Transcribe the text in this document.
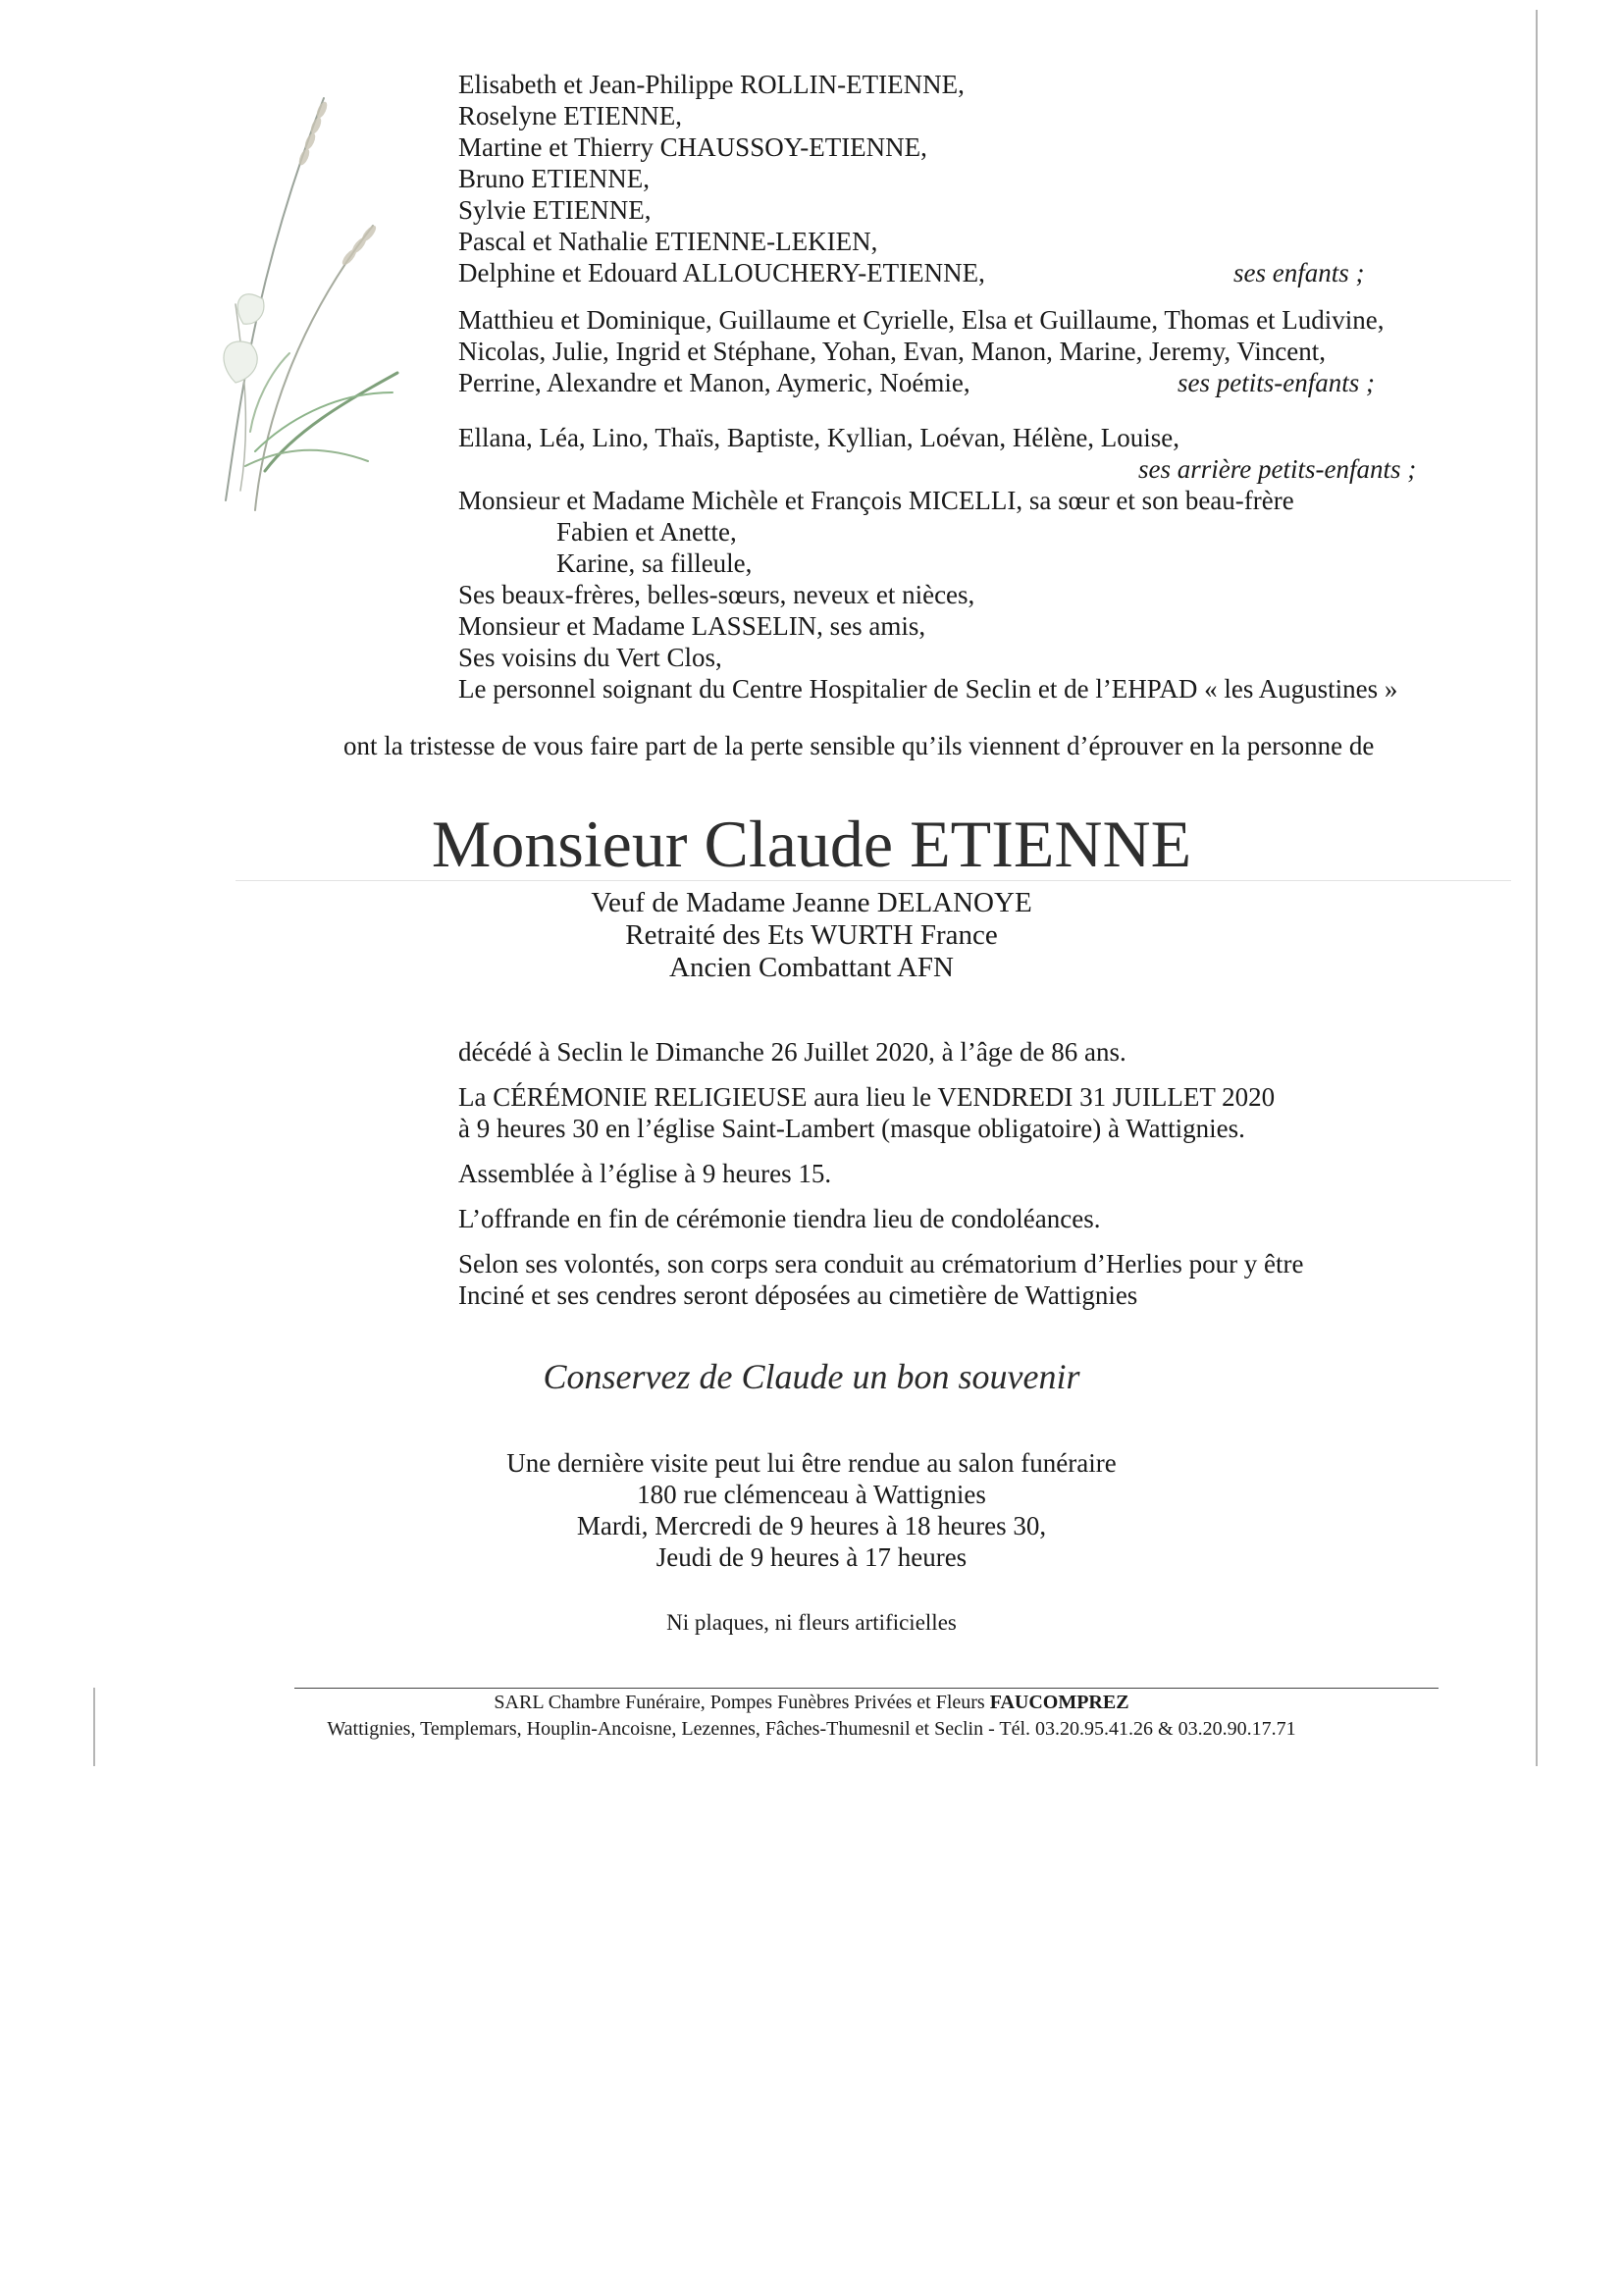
Elisabeth et Jean-Philippe ROLLIN-ETIENNE,
Roselyne ETIENNE,
Martine et Thierry CHAUSSOY-ETIENNE,
Bruno ETIENNE,
Sylvie ETIENNE,
Pascal et Nathalie ETIENNE-LEKIEN,
Delphine et Edouard ALLOUCHERY-ETIENNE,	ses enfants ;
Matthieu et Dominique, Guillaume et Cyrielle, Elsa et Guillaume, Thomas et Ludivine,
Nicolas, Julie, Ingrid et Stéphane, Yohan, Evan, Manon, Marine, Jeremy, Vincent,
Perrine, Alexandre et Manon, Aymeric, Noémie,	ses petits-enfants ;
Ellana, Léa, Lino, Thaïs, Baptiste, Kyllian, Loévan, Hélène, Louise,
ses arrière petits-enfants ;
Monsieur et Madame Michèle et François MICELLI, sa sœur et son beau-frère
Fabien et Anette,
Karine, sa filleule,
Ses beaux-frères, belles-sœurs, neveux et nièces,
Monsieur et Madame LASSELIN, ses amis,
Ses voisins du Vert Clos,
Le personnel soignant du Centre Hospitalier de Seclin et de l’EHPAD « les Augustines »
ont la tristesse de vous faire part de la perte sensible qu’ils viennent d’éprouver en la personne de
Monsieur Claude ETIENNE
Veuf de Madame Jeanne DELANOYE
Retraité des Ets WURTH France
Ancien Combattant AFN
décédé à Seclin le Dimanche 26 Juillet 2020, à l’âge de 86 ans.
La CÉRÉMONIE RELIGIEUSE aura lieu le VENDREDI 31 JUILLET 2020
à 9 heures 30 en l’église Saint-Lambert (masque obligatoire) à Wattignies.
Assemblée à l’église à 9 heures 15.
L’offrande en fin de cérémonie tiendra lieu de condoléances.
Selon ses volontés, son corps sera conduit au crématorium d’Herlies pour y être
Inciné et ses cendres seront déposées au cimetière de Wattignies
Conservez de Claude un bon souvenir
Une dernière visite peut lui être rendue au salon funéraire
180 rue clémenceau à Wattignies
Mardi, Mercredi de 9 heures à 18 heures 30,
Jeudi de 9 heures à 17 heures
Ni plaques, ni fleurs artificielles
SARL Chambre Funéraire, Pompes Funèbres Privées et Fleurs FAUCOMPREZ
Wattignies, Templemars, Houplin-Ancoisne, Lezennes, Fâches-Thumesnil et Seclin - Tél. 03.20.95.41.26 & 03.20.90.17.71
